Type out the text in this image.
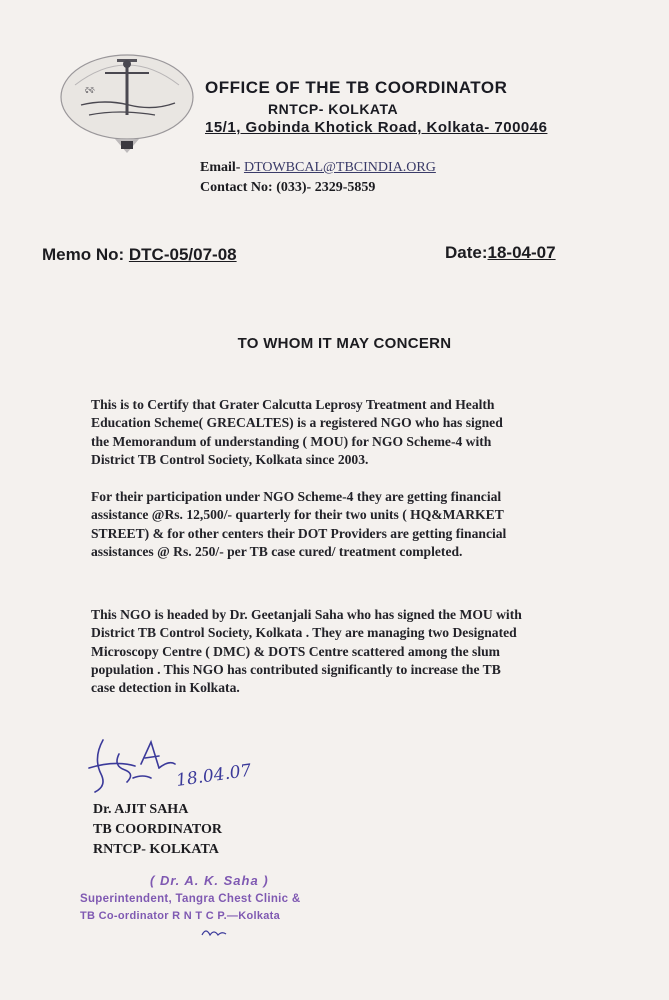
ଟିବି	OFFICE OF THE TB COORDINATOR
RNTCP- KOLKATA
15/1, Gobinda Khotick Road, Kolkata- 700046
Email- DTOWBCAL@TBCINDIA.ORG
Contact No: (033)- 2329-5859
Memo No: DTC-05/07-08	Date:18-04-07
TO WHOM IT MAY CONCERN
This is to Certify that Grater Calcutta Leprosy Treatment and Health
Education Scheme( GRECALTES) is a registered NGO who has signed
the Memorandum of understanding ( MOU) for NGO Scheme-4 with
District TB Control Society, Kolkata since 2003.
For their participation under NGO Scheme-4 they are getting financial
assistance @Rs. 12,500/- quarterly for their two units ( HQ&MARKET
STREET) & for other centers their DOT Providers are getting financial
assistances @ Rs. 250/- per TB case cured/ treatment completed.
This NGO is headed by Dr. Geetanjali Saha who has signed the MOU with
District TB Control Society, Kolkata . They are managing two Designated
Microscopy Centre ( DMC) & DOTS Centre scattered among the slum
population . This NGO has contributed significantly to increase the TB
case detection in Kolkata.
18.04.07
Dr. AJIT SAHA
TB COORDINATOR
RNTCP- KOLKATA
( Dr. A. K. Saha )
Superintendent, Tangra Chest Clinic &
TB Co-ordinator R N T C P.—Kolkata
